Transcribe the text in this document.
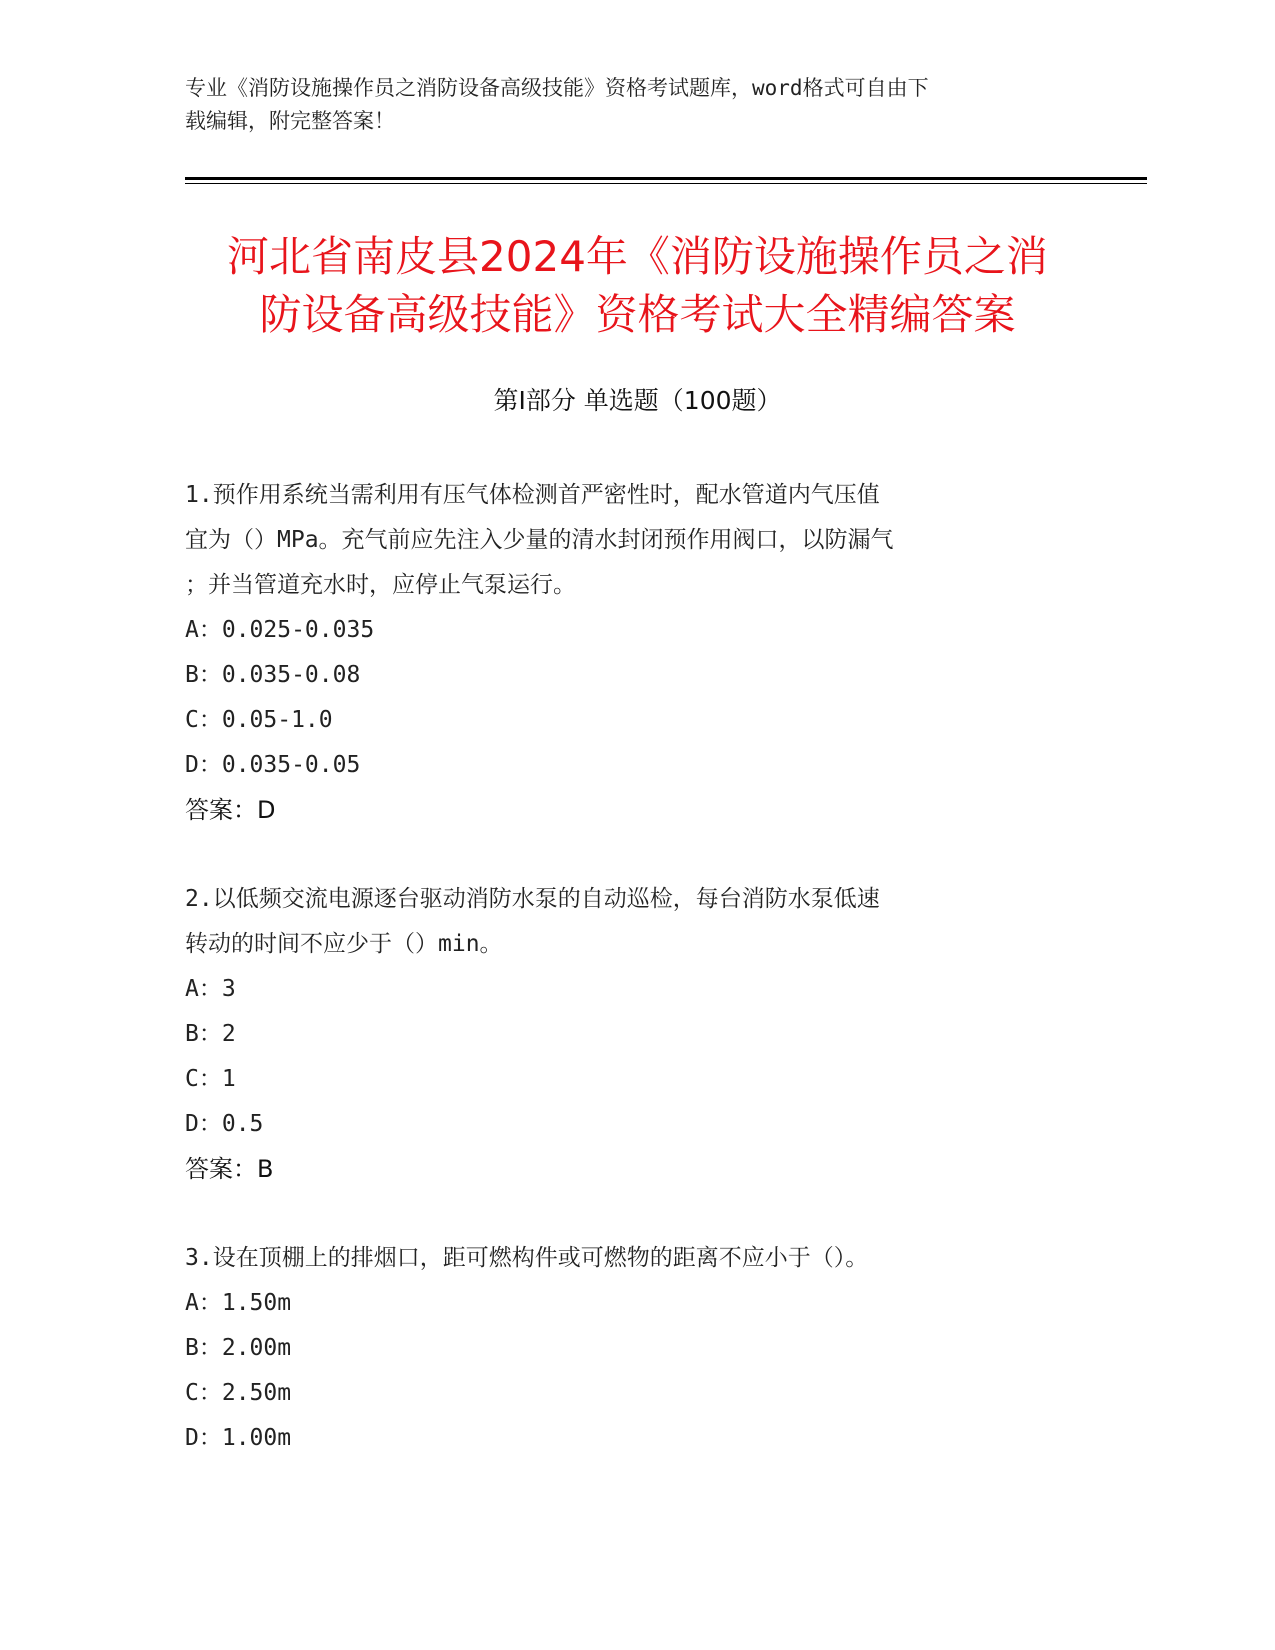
专业《消防设施操作员之消防设备高级技能》资格考试题库，word格式可自由下
载编辑，附完整答案！
河北省南皮县2024年《消防设施操作员之消
防设备高级技能》资格考试大全精编答案
第Ⅰ部分 单选题（100题）
1.预作用系统当需利用有压气体检测首严密性时，配水管道内气压值
宜为（）MPa。充气前应先注入少量的清水封闭预作用阀口，以防漏气
；并当管道充水时，应停止气泵运行。
A：0.025-0.035
B：0.035-0.08
C：0.05-1.0
D：0.035-0.05
答案：D
2.以低频交流电源逐台驱动消防水泵的自动巡检，每台消防水泵低速
转动的时间不应少于（）min。
A：3
B：2
C：1
D：0.5
答案：B
3.设在顶棚上的排烟口，距可燃构件或可燃物的距离不应小于（）。
A：1.50m
B：2.00m
C：2.50m
D：1.00m
